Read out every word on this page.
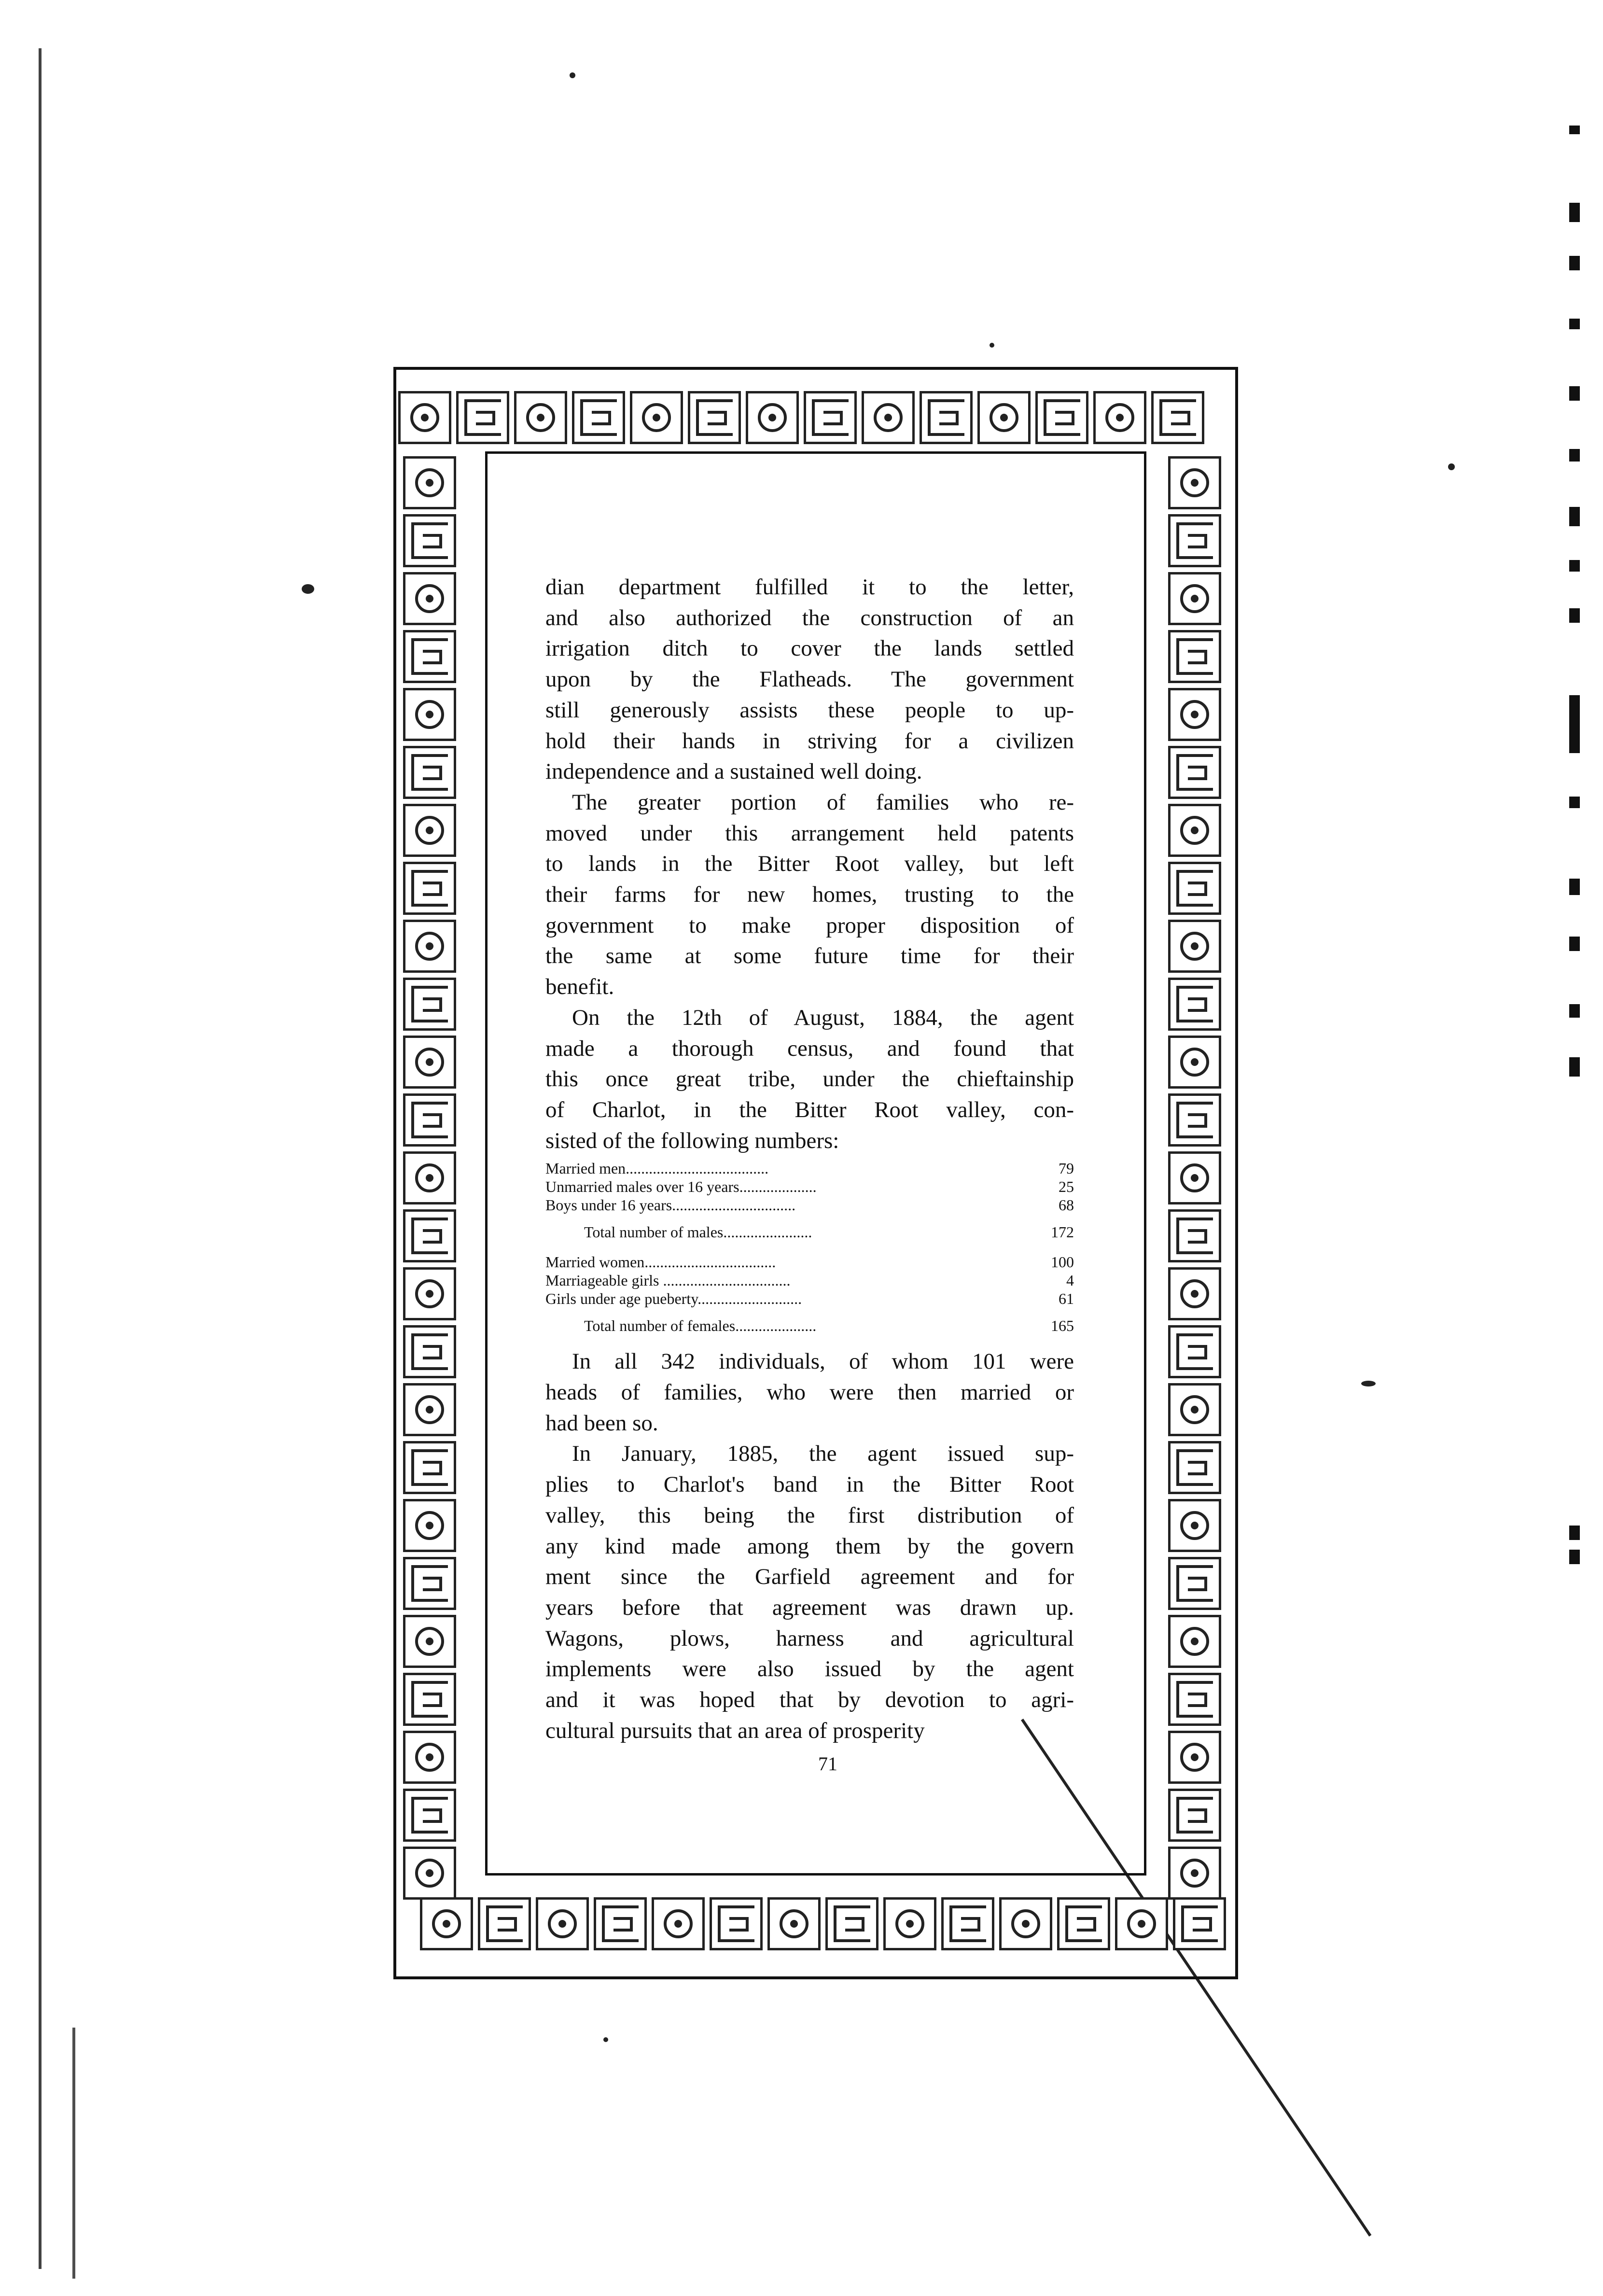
dian department fulfilled it to the letter,
and also authorized the construction of an
irrigation ditch to cover the lands settled
upon by the Flatheads. The government
still generously assists these people to up-
hold their hands in striving for a civilizen
independence and a sustained well doing.
The greater portion of families who re-
moved under this arrangement held patents
to lands in the Bitter Root valley, but left
their farms for new homes, trusting to the
government to make proper disposition of
the same at some future time for their
benefit.
On the 12th of August, 1884, the agent
made a thorough census, and found that
this once great tribe, under the chieftainship
of Charlot, in the Bitter Root valley, con-
sisted of the following numbers:
Married men.....................................	79
Unmarried males over 16 years....................	25
Boys under 16 years................................	68
Total number of males.......................	172
Married women..................................	100
Marriageable girls .................................	4
Girls under age pueberty...........................	61
Total number of females.....................	165
In all 342 individuals, of whom 101 were
heads of families, who were then married or
had been so.
In January, 1885, the agent issued sup-
plies to Charlot's band in the Bitter Root
valley, this being the first distribution of
any kind made among them by the govern
ment since the Garfield agreement and for
years before that agreement was drawn up.
Wagons, plows, harness and agricultural
implements were also issued by the agent
and it was hoped that by devotion to agri-
cultural pursuits that an area of prosperity
71
